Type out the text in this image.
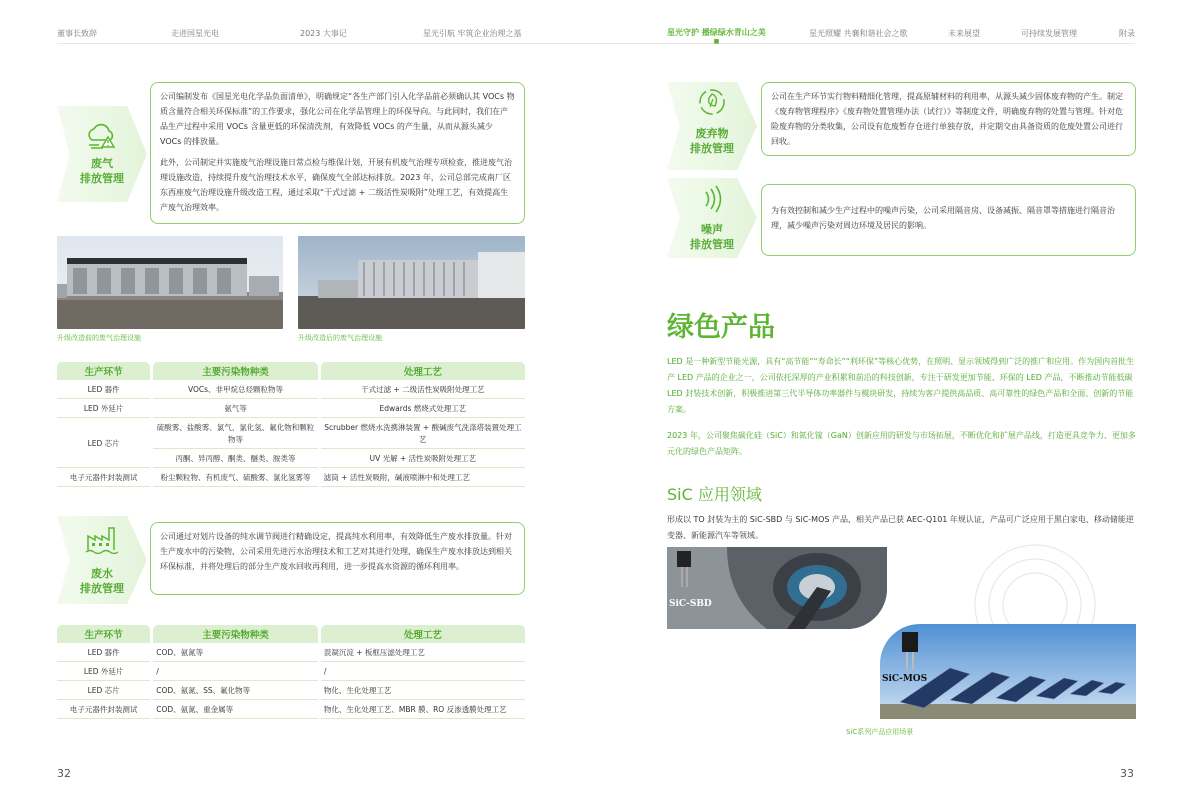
董事长致辞	走进国星光电	2023 大事记	星光引航 牢筑企业治理之基	星光守护 播绿绿水青山之美
■
星光照耀 共襄和谐社会之歌	未来展望	可持续发展管理	附录
废气
排放管理

公司编制发布《国星光电化学品负面清单》，明确规定“各生产部门引入化学品前必须确认其 VOCs 物质含量符合相关环保标准”的工作要求，强化公司在化学品管理上的环保导向。与此同时，我们在产品生产过程中采用 VOCs 含量更低的环保清洗剂，有效降低 VOCs 的产生量，从而从源头减少 VOCs 的排放量。

此外，公司制定并实施废气治理设施日常点检与维保计划，开展有机废气治理专项检查，推进废气治理设施改造，持续提升废气治理技术水平，确保废气全部达标排放。2023 年，公司总部完成南厂区东西座废气治理设施升级改造工程，通过采取“干式过滤 + 二级活性炭吸附”处理工艺，有效提高生产废气治理效率。

升级改造前的废气治理设施	升级改造后的废气治理设施
生产环节	主要污染物种类	处理工艺
LED 器件	VOCs、非甲烷总烃颗粒物等	干式过滤 + 二级活性炭吸附处理工艺
LED 外延片	氨气等	Edwards 燃烧式处理工艺
LED 芯片	硫酸雾、盐酸雾、氯气、氯化氢、氟化物和颗粒物等	Scrubber 燃烧水洗携淋装置 + 酸碱废气洗涤塔装置处理工艺
	丙酮、异丙醇、酮类、醚类、胺类等	UV 光解 + 活性炭吸附处理工艺
电子元器件封装测试	粉尘颗粒物、有机废气、硫酸雾、氯化氢雾等	滤筒 + 活性炭吸附，碱液喷淋中和处理工艺
废水
排放管理

公司通过对划片设备的纯水调节阀进行精确设定，提高纯水利用率，有效降低生产废水排放量。针对生产废水中的污染物，公司采用先进污水治理技术和工艺对其进行处理，确保生产废水排放达到相关环保标准，并将处理后的部分生产废水回收再利用，进一步提高水资源的循环利用率。

生产环节	主要污染物种类	处理工艺
LED 器件	COD、氨氮等	混凝沉淀 + 板框压滤处理工艺
LED 外延片	/	/
LED 芯片	COD、氨氮、SS、氟化物等	物化、生化处理工艺
电子元器件封装测试	COD、氨氮、重金属等	物化、生化处理工艺、MBR 膜、RO 反渗透膜处理工艺
32
废弃物
排放管理

公司在生产环节实行物料精细化管理，提高原辅材料的利用率，从源头减少固体废弃物的产生。制定《废弃物管理程序》《废弃物处置管理办法（试行）》等制度文件，明确废弃物的处置与管理。针对危险废弃物的分类收集，公司设有危废暂存仓进行单独存放，并定期交由具备资质的危废处置公司进行回收。

噪声
排放管理

为有效控制和减少生产过程中的噪声污染，公司采用隔音房、设备减振、隔音罩等措施进行隔音治理，减少噪声污染对周边环境及居民的影响。

绿色产品
LED 是一种新型节能光源，具有“高节能”“寿命长”“利环保”等核心优势，在照明、显示领域得到广泛的推广和应用。作为国内首批生产 LED 产品的企业之一，公司依托深厚的产业积累和前沿的科技创新，专注于研发更加节能、环保的 LED 产品，不断推动节能低碳 LED 封装技术创新，积极推进第三代半导体功率器件与模块研发，持续为客户提供高品质、高可靠性的绿色产品和全面、创新的节能方案。
2023 年，公司聚焦碳化硅（SiC）和氮化镓（GaN）创新应用的研发与市场拓展，不断优化和扩展产品线，打造更具竞争力、更加多元化的绿色产品矩阵。
SiC 应用领域
形成以 TO 封装为主的 SiC-SBD 与 SiC-MOS 产品，相关产品已获 AEC-Q101 年规认证，产品可广泛应用于黑白家电、移动储能逆变器、新能源汽车等领域。
SiC-SBD
SiC-MOS
SiC系列产品应用场景
33
